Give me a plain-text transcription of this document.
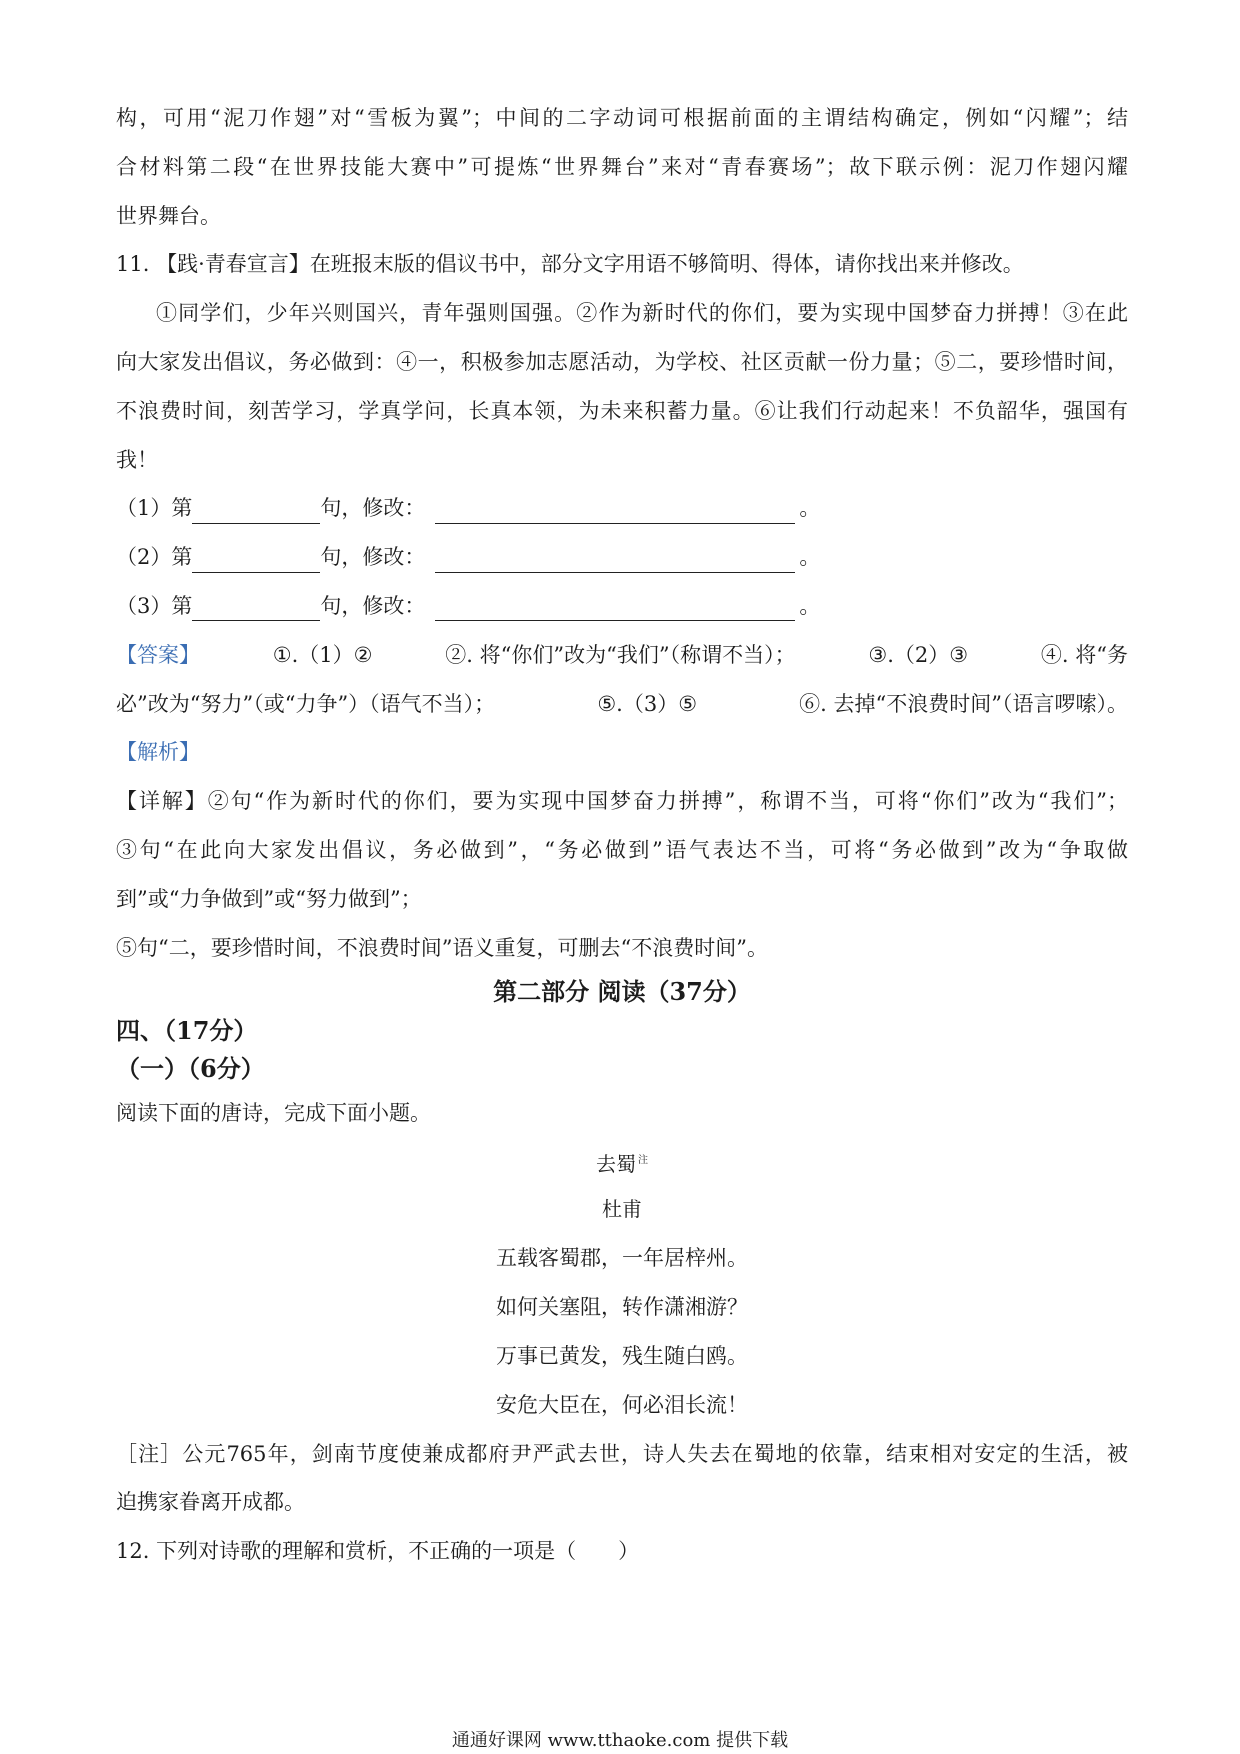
构，可用“泥刀作翅”对“雪板为翼”；中间的二字动词可根据前面的主谓结构确定，例如“闪耀”；结
合材料第二段“在世界技能大赛中”可提炼“世界舞台”来对“青春赛场”；故下联示例：泥刀作翅闪耀
世界舞台。
11. 【践·青春宣言】在班报末版的倡议书中，部分文字用语不够简明、得体，请你找出来并修改。
①同学们，少年兴则国兴，青年强则国强。②作为新时代的你们，要为实现中国梦奋力拼搏！③在此
向大家发出倡议，务必做到：④一，积极参加志愿活动，为学校、社区贡献一份力量；⑤二，要珍惜时间，
不浪费时间，刻苦学习，学真学问，长真本领，为未来积蓄力量。⑥让我们行动起来！不负韶华，强国有
我！
（1）第	句，修改：	。
（2）第	句，修改：	。
（3）第	句，修改：	。
【答案】	①.（1）②	②. 将“你们”改为“我们”（称谓不当）；	③.（2）③	④. 将“务
必”改为“努力”（或“力争”）（语气不当）；	⑤.（3）⑤	⑥. 去掉“不浪费时间”（语言啰嗦）。
【解析】
【详解】②句“作为新时代的你们，要为实现中国梦奋力拼搏”，称谓不当，可将“你们”改为“我们”；
③句“在此向大家发出倡议，务必做到”，“务必做到”语气表达不当，可将“务必做到”改为“争取做
到”或“力争做到”或“努力做到”；
⑤句“二，要珍惜时间，不浪费时间”语义重复，可删去“不浪费时间”。
第二部分 阅读（37分）
四、（17分）
（一）（6分）
阅读下面的唐诗，完成下面小题。
去蜀 $^注$
杜甫
五载客蜀郡，一年居梓州。
如何关塞阻，转作潇湘游？
万事已黄发，残生随白鸥。
安危大臣在，何必泪长流！
［注］公元765年，剑南节度使兼成都府尹严武去世，诗人失去在蜀地的依靠，结束相对安定的生活，被
迫携家眷离开成都。
12. 下列对诗歌的理解和赏析，不正确的一项是（　　）
通通好课网 www.tthaoke.com 提供下载
